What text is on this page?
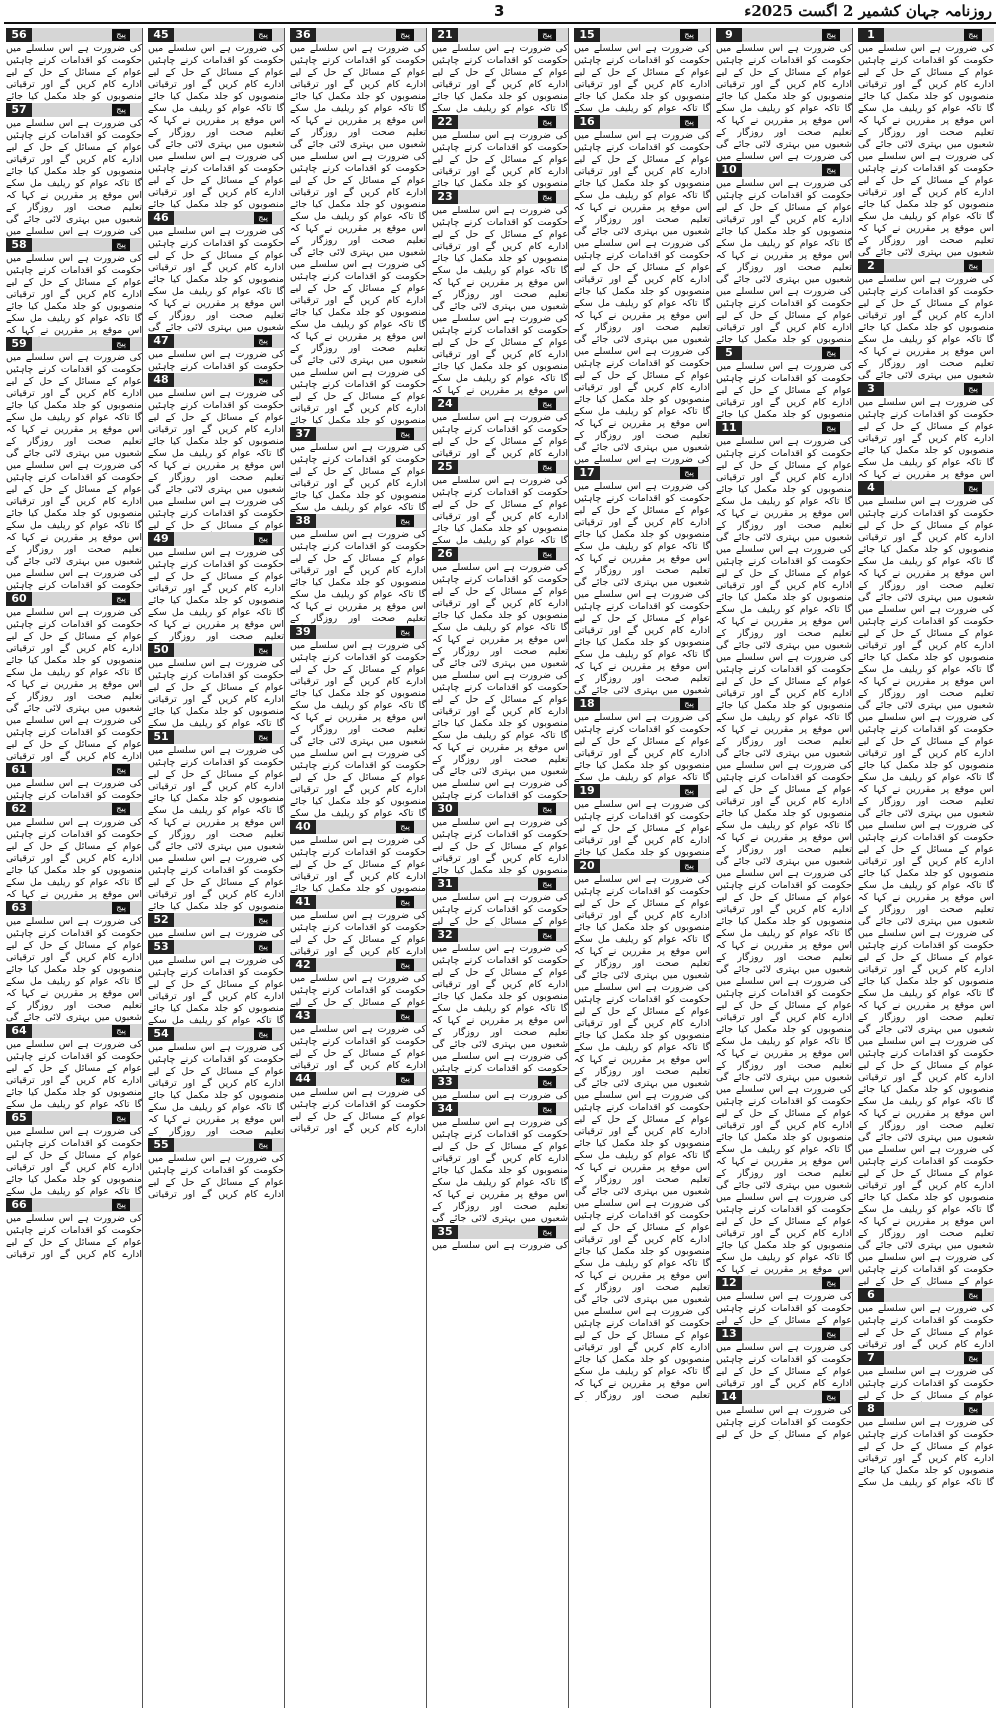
روزنامہ جہان کشمیر 2 اگست 2025ء
3
1	پیج
کی ضرورت ہے اس سلسلے میں حکومت کو اقدامات کرنے چاہئیں عوام کے مسائل کے حل کے لیے ادارے کام کریں گے اور ترقیاتی منصوبوں کو جلد مکمل کیا جائے گا تاکہ عوام کو ریلیف مل سکے اس موقع پر مقررین نے کہا کہ تعلیم صحت اور روزگار کے شعبوں میں بہتری لائی جائے گی کی ضرورت ہے اس سلسلے میں حکومت کو اقدامات کرنے چاہئیں عوام کے مسائل کے حل کے لیے ادارے کام کریں گے اور ترقیاتی منصوبوں کو جلد مکمل کیا جائے گا تاکہ عوام کو ریلیف مل سکے اس موقع پر مقررین نے کہا کہ تعلیم صحت اور روزگار کے شعبوں میں بہتری لائی جائے گی
2	پیج
کی ضرورت ہے اس سلسلے میں حکومت کو اقدامات کرنے چاہئیں عوام کے مسائل کے حل کے لیے ادارے کام کریں گے اور ترقیاتی منصوبوں کو جلد مکمل کیا جائے گا تاکہ عوام کو ریلیف مل سکے اس موقع پر مقررین نے کہا کہ تعلیم صحت اور روزگار کے شعبوں میں بہتری لائی جائے گی
3	پیج
کی ضرورت ہے اس سلسلے میں حکومت کو اقدامات کرنے چاہئیں عوام کے مسائل کے حل کے لیے ادارے کام کریں گے اور ترقیاتی منصوبوں کو جلد مکمل کیا جائے گا تاکہ عوام کو ریلیف مل سکے اس موقع پر مقررین نے کہا کہ
4	پیج
کی ضرورت ہے اس سلسلے میں حکومت کو اقدامات کرنے چاہئیں عوام کے مسائل کے حل کے لیے ادارے کام کریں گے اور ترقیاتی منصوبوں کو جلد مکمل کیا جائے گا تاکہ عوام کو ریلیف مل سکے اس موقع پر مقررین نے کہا کہ تعلیم صحت اور روزگار کے شعبوں میں بہتری لائی جائے گی کی ضرورت ہے اس سلسلے میں حکومت کو اقدامات کرنے چاہئیں عوام کے مسائل کے حل کے لیے ادارے کام کریں گے اور ترقیاتی منصوبوں کو جلد مکمل کیا جائے گا تاکہ عوام کو ریلیف مل سکے اس موقع پر مقررین نے کہا کہ تعلیم صحت اور روزگار کے شعبوں میں بہتری لائی جائے گی کی ضرورت ہے اس سلسلے میں حکومت کو اقدامات کرنے چاہئیں عوام کے مسائل کے حل کے لیے ادارے کام کریں گے اور ترقیاتی منصوبوں کو جلد مکمل کیا جائے گا تاکہ عوام کو ریلیف مل سکے اس موقع پر مقررین نے کہا کہ تعلیم صحت اور روزگار کے شعبوں میں بہتری لائی جائے گی کی ضرورت ہے اس سلسلے میں حکومت کو اقدامات کرنے چاہئیں عوام کے مسائل کے حل کے لیے ادارے کام کریں گے اور ترقیاتی منصوبوں کو جلد مکمل کیا جائے گا تاکہ عوام کو ریلیف مل سکے اس موقع پر مقررین نے کہا کہ تعلیم صحت اور روزگار کے شعبوں میں بہتری لائی جائے گی کی ضرورت ہے اس سلسلے میں حکومت کو اقدامات کرنے چاہئیں عوام کے مسائل کے حل کے لیے ادارے کام کریں گے اور ترقیاتی منصوبوں کو جلد مکمل کیا جائے گا تاکہ عوام کو ریلیف مل سکے اس موقع پر مقررین نے کہا کہ تعلیم صحت اور روزگار کے شعبوں میں بہتری لائی جائے گی کی ضرورت ہے اس سلسلے میں حکومت کو اقدامات کرنے چاہئیں عوام کے مسائل کے حل کے لیے ادارے کام کریں گے اور ترقیاتی منصوبوں کو جلد مکمل کیا جائے گا تاکہ عوام کو ریلیف مل سکے اس موقع پر مقررین نے کہا کہ تعلیم صحت اور روزگار کے شعبوں میں بہتری لائی جائے گی کی ضرورت ہے اس سلسلے میں حکومت کو اقدامات کرنے چاہئیں عوام کے مسائل کے حل کے لیے ادارے کام کریں گے اور ترقیاتی منصوبوں کو جلد مکمل کیا جائے گا تاکہ عوام کو ریلیف مل سکے اس موقع پر مقررین نے کہا کہ تعلیم صحت اور روزگار کے شعبوں میں بہتری لائی جائے گی کی ضرورت ہے اس سلسلے میں حکومت کو اقدامات کرنے چاہئیں عوام کے مسائل کے حل کے لیے
6	پیج
کی ضرورت ہے اس سلسلے میں حکومت کو اقدامات کرنے چاہئیں عوام کے مسائل کے حل کے لیے ادارے کام کریں گے اور ترقیاتی
7	پیج
کی ضرورت ہے اس سلسلے میں حکومت کو اقدامات کرنے چاہئیں عوام کے مسائل کے حل کے لیے
8	پیج
کی ضرورت ہے اس سلسلے میں حکومت کو اقدامات کرنے چاہئیں عوام کے مسائل کے حل کے لیے ادارے کام کریں گے اور ترقیاتی منصوبوں کو جلد مکمل کیا جائے گا تاکہ عوام کو ریلیف مل سکے
9	پیج
کی ضرورت ہے اس سلسلے میں حکومت کو اقدامات کرنے چاہئیں عوام کے مسائل کے حل کے لیے ادارے کام کریں گے اور ترقیاتی منصوبوں کو جلد مکمل کیا جائے گا تاکہ عوام کو ریلیف مل سکے اس موقع پر مقررین نے کہا کہ تعلیم صحت اور روزگار کے شعبوں میں بہتری لائی جائے گی کی ضرورت ہے اس سلسلے میں
10	پیج
کی ضرورت ہے اس سلسلے میں حکومت کو اقدامات کرنے چاہئیں عوام کے مسائل کے حل کے لیے ادارے کام کریں گے اور ترقیاتی منصوبوں کو جلد مکمل کیا جائے گا تاکہ عوام کو ریلیف مل سکے اس موقع پر مقررین نے کہا کہ تعلیم صحت اور روزگار کے شعبوں میں بہتری لائی جائے گی کی ضرورت ہے اس سلسلے میں حکومت کو اقدامات کرنے چاہئیں عوام کے مسائل کے حل کے لیے ادارے کام کریں گے اور ترقیاتی منصوبوں کو جلد مکمل کیا جائے
5	پیج
کی ضرورت ہے اس سلسلے میں حکومت کو اقدامات کرنے چاہئیں عوام کے مسائل کے حل کے لیے ادارے کام کریں گے اور ترقیاتی منصوبوں کو جلد مکمل کیا جائے
11	پیج
کی ضرورت ہے اس سلسلے میں حکومت کو اقدامات کرنے چاہئیں عوام کے مسائل کے حل کے لیے ادارے کام کریں گے اور ترقیاتی منصوبوں کو جلد مکمل کیا جائے گا تاکہ عوام کو ریلیف مل سکے اس موقع پر مقررین نے کہا کہ تعلیم صحت اور روزگار کے شعبوں میں بہتری لائی جائے گی کی ضرورت ہے اس سلسلے میں حکومت کو اقدامات کرنے چاہئیں عوام کے مسائل کے حل کے لیے ادارے کام کریں گے اور ترقیاتی منصوبوں کو جلد مکمل کیا جائے گا تاکہ عوام کو ریلیف مل سکے اس موقع پر مقررین نے کہا کہ تعلیم صحت اور روزگار کے شعبوں میں بہتری لائی جائے گی کی ضرورت ہے اس سلسلے میں حکومت کو اقدامات کرنے چاہئیں عوام کے مسائل کے حل کے لیے ادارے کام کریں گے اور ترقیاتی منصوبوں کو جلد مکمل کیا جائے گا تاکہ عوام کو ریلیف مل سکے اس موقع پر مقررین نے کہا کہ تعلیم صحت اور روزگار کے شعبوں میں بہتری لائی جائے گی کی ضرورت ہے اس سلسلے میں حکومت کو اقدامات کرنے چاہئیں عوام کے مسائل کے حل کے لیے ادارے کام کریں گے اور ترقیاتی منصوبوں کو جلد مکمل کیا جائے گا تاکہ عوام کو ریلیف مل سکے اس موقع پر مقررین نے کہا کہ تعلیم صحت اور روزگار کے شعبوں میں بہتری لائی جائے گی کی ضرورت ہے اس سلسلے میں حکومت کو اقدامات کرنے چاہئیں عوام کے مسائل کے حل کے لیے ادارے کام کریں گے اور ترقیاتی منصوبوں کو جلد مکمل کیا جائے گا تاکہ عوام کو ریلیف مل سکے اس موقع پر مقررین نے کہا کہ تعلیم صحت اور روزگار کے شعبوں میں بہتری لائی جائے گی کی ضرورت ہے اس سلسلے میں حکومت کو اقدامات کرنے چاہئیں عوام کے مسائل کے حل کے لیے ادارے کام کریں گے اور ترقیاتی منصوبوں کو جلد مکمل کیا جائے گا تاکہ عوام کو ریلیف مل سکے اس موقع پر مقررین نے کہا کہ تعلیم صحت اور روزگار کے شعبوں میں بہتری لائی جائے گی کی ضرورت ہے اس سلسلے میں حکومت کو اقدامات کرنے چاہئیں عوام کے مسائل کے حل کے لیے ادارے کام کریں گے اور ترقیاتی منصوبوں کو جلد مکمل کیا جائے گا تاکہ عوام کو ریلیف مل سکے اس موقع پر مقررین نے کہا کہ تعلیم صحت اور روزگار کے شعبوں میں بہتری لائی جائے گی کی ضرورت ہے اس سلسلے میں حکومت کو اقدامات کرنے چاہئیں عوام کے مسائل کے حل کے لیے ادارے کام کریں گے اور ترقیاتی منصوبوں کو جلد مکمل کیا جائے گا تاکہ عوام کو ریلیف مل سکے اس موقع پر مقررین نے کہا کہ
12	پیج
کی ضرورت ہے اس سلسلے میں حکومت کو اقدامات کرنے چاہئیں عوام کے مسائل کے حل کے لیے
13	پیج
کی ضرورت ہے اس سلسلے میں حکومت کو اقدامات کرنے چاہئیں عوام کے مسائل کے حل کے لیے ادارے کام کریں گے اور ترقیاتی
14	پیج
کی ضرورت ہے اس سلسلے میں حکومت کو اقدامات کرنے چاہئیں عوام کے مسائل کے حل کے لیے
15	پیج
کی ضرورت ہے اس سلسلے میں حکومت کو اقدامات کرنے چاہئیں عوام کے مسائل کے حل کے لیے ادارے کام کریں گے اور ترقیاتی منصوبوں کو جلد مکمل کیا جائے گا تاکہ عوام کو ریلیف مل سکے
16	پیج
کی ضرورت ہے اس سلسلے میں حکومت کو اقدامات کرنے چاہئیں عوام کے مسائل کے حل کے لیے ادارے کام کریں گے اور ترقیاتی منصوبوں کو جلد مکمل کیا جائے گا تاکہ عوام کو ریلیف مل سکے اس موقع پر مقررین نے کہا کہ تعلیم صحت اور روزگار کے شعبوں میں بہتری لائی جائے گی کی ضرورت ہے اس سلسلے میں حکومت کو اقدامات کرنے چاہئیں عوام کے مسائل کے حل کے لیے ادارے کام کریں گے اور ترقیاتی منصوبوں کو جلد مکمل کیا جائے گا تاکہ عوام کو ریلیف مل سکے اس موقع پر مقررین نے کہا کہ تعلیم صحت اور روزگار کے شعبوں میں بہتری لائی جائے گی کی ضرورت ہے اس سلسلے میں حکومت کو اقدامات کرنے چاہئیں عوام کے مسائل کے حل کے لیے ادارے کام کریں گے اور ترقیاتی منصوبوں کو جلد مکمل کیا جائے گا تاکہ عوام کو ریلیف مل سکے اس موقع پر مقررین نے کہا کہ تعلیم صحت اور روزگار کے شعبوں میں بہتری لائی جائے گی کی ضرورت ہے اس سلسلے میں
17	پیج
کی ضرورت ہے اس سلسلے میں حکومت کو اقدامات کرنے چاہئیں عوام کے مسائل کے حل کے لیے ادارے کام کریں گے اور ترقیاتی منصوبوں کو جلد مکمل کیا جائے گا تاکہ عوام کو ریلیف مل سکے اس موقع پر مقررین نے کہا کہ تعلیم صحت اور روزگار کے شعبوں میں بہتری لائی جائے گی کی ضرورت ہے اس سلسلے میں حکومت کو اقدامات کرنے چاہئیں عوام کے مسائل کے حل کے لیے ادارے کام کریں گے اور ترقیاتی منصوبوں کو جلد مکمل کیا جائے گا تاکہ عوام کو ریلیف مل سکے اس موقع پر مقررین نے کہا کہ تعلیم صحت اور روزگار کے شعبوں میں بہتری لائی جائے گی
18	پیج
کی ضرورت ہے اس سلسلے میں حکومت کو اقدامات کرنے چاہئیں عوام کے مسائل کے حل کے لیے ادارے کام کریں گے اور ترقیاتی منصوبوں کو جلد مکمل کیا جائے گا تاکہ عوام کو ریلیف مل سکے
19	پیج
کی ضرورت ہے اس سلسلے میں حکومت کو اقدامات کرنے چاہئیں عوام کے مسائل کے حل کے لیے ادارے کام کریں گے اور ترقیاتی منصوبوں کو جلد مکمل کیا جائے
20	پیج
کی ضرورت ہے اس سلسلے میں حکومت کو اقدامات کرنے چاہئیں عوام کے مسائل کے حل کے لیے ادارے کام کریں گے اور ترقیاتی منصوبوں کو جلد مکمل کیا جائے گا تاکہ عوام کو ریلیف مل سکے اس موقع پر مقررین نے کہا کہ تعلیم صحت اور روزگار کے شعبوں میں بہتری لائی جائے گی کی ضرورت ہے اس سلسلے میں حکومت کو اقدامات کرنے چاہئیں عوام کے مسائل کے حل کے لیے ادارے کام کریں گے اور ترقیاتی منصوبوں کو جلد مکمل کیا جائے گا تاکہ عوام کو ریلیف مل سکے اس موقع پر مقررین نے کہا کہ تعلیم صحت اور روزگار کے شعبوں میں بہتری لائی جائے گی کی ضرورت ہے اس سلسلے میں حکومت کو اقدامات کرنے چاہئیں عوام کے مسائل کے حل کے لیے ادارے کام کریں گے اور ترقیاتی منصوبوں کو جلد مکمل کیا جائے گا تاکہ عوام کو ریلیف مل سکے اس موقع پر مقررین نے کہا کہ تعلیم صحت اور روزگار کے شعبوں میں بہتری لائی جائے گی کی ضرورت ہے اس سلسلے میں حکومت کو اقدامات کرنے چاہئیں عوام کے مسائل کے حل کے لیے ادارے کام کریں گے اور ترقیاتی منصوبوں کو جلد مکمل کیا جائے گا تاکہ عوام کو ریلیف مل سکے اس موقع پر مقررین نے کہا کہ تعلیم صحت اور روزگار کے شعبوں میں بہتری لائی جائے گی کی ضرورت ہے اس سلسلے میں حکومت کو اقدامات کرنے چاہئیں عوام کے مسائل کے حل کے لیے ادارے کام کریں گے اور ترقیاتی منصوبوں کو جلد مکمل کیا جائے گا تاکہ عوام کو ریلیف مل سکے اس موقع پر مقررین نے کہا کہ تعلیم صحت اور روزگار کے
21	پیج
کی ضرورت ہے اس سلسلے میں حکومت کو اقدامات کرنے چاہئیں عوام کے مسائل کے حل کے لیے ادارے کام کریں گے اور ترقیاتی منصوبوں کو جلد مکمل کیا جائے گا تاکہ عوام کو ریلیف مل سکے
22	پیج
کی ضرورت ہے اس سلسلے میں حکومت کو اقدامات کرنے چاہئیں عوام کے مسائل کے حل کے لیے ادارے کام کریں گے اور ترقیاتی منصوبوں کو جلد مکمل کیا جائے
23	پیج
کی ضرورت ہے اس سلسلے میں حکومت کو اقدامات کرنے چاہئیں عوام کے مسائل کے حل کے لیے ادارے کام کریں گے اور ترقیاتی منصوبوں کو جلد مکمل کیا جائے گا تاکہ عوام کو ریلیف مل سکے اس موقع پر مقررین نے کہا کہ تعلیم صحت اور روزگار کے شعبوں میں بہتری لائی جائے گی کی ضرورت ہے اس سلسلے میں حکومت کو اقدامات کرنے چاہئیں عوام کے مسائل کے حل کے لیے ادارے کام کریں گے اور ترقیاتی منصوبوں کو جلد مکمل کیا جائے گا تاکہ عوام کو ریلیف مل سکے اس موقع پر مقررین نے کہا کہ
24	پیج
کی ضرورت ہے اس سلسلے میں حکومت کو اقدامات کرنے چاہئیں عوام کے مسائل کے حل کے لیے ادارے کام کریں گے اور ترقیاتی
25	پیج
کی ضرورت ہے اس سلسلے میں حکومت کو اقدامات کرنے چاہئیں عوام کے مسائل کے حل کے لیے ادارے کام کریں گے اور ترقیاتی منصوبوں کو جلد مکمل کیا جائے گا تاکہ عوام کو ریلیف مل سکے
26	پیج
کی ضرورت ہے اس سلسلے میں حکومت کو اقدامات کرنے چاہئیں عوام کے مسائل کے حل کے لیے ادارے کام کریں گے اور ترقیاتی منصوبوں کو جلد مکمل کیا جائے گا تاکہ عوام کو ریلیف مل سکے اس موقع پر مقررین نے کہا کہ تعلیم صحت اور روزگار کے شعبوں میں بہتری لائی جائے گی کی ضرورت ہے اس سلسلے میں حکومت کو اقدامات کرنے چاہئیں عوام کے مسائل کے حل کے لیے ادارے کام کریں گے اور ترقیاتی منصوبوں کو جلد مکمل کیا جائے گا تاکہ عوام کو ریلیف مل سکے اس موقع پر مقررین نے کہا کہ تعلیم صحت اور روزگار کے شعبوں میں بہتری لائی جائے گی کی ضرورت ہے اس سلسلے میں حکومت کو اقدامات کرنے چاہئیں
30	پیج
کی ضرورت ہے اس سلسلے میں حکومت کو اقدامات کرنے چاہئیں عوام کے مسائل کے حل کے لیے ادارے کام کریں گے اور ترقیاتی منصوبوں کو جلد مکمل کیا جائے
31	پیج
کی ضرورت ہے اس سلسلے میں حکومت کو اقدامات کرنے چاہئیں عوام کے مسائل کے حل کے لیے
32	پیج
کی ضرورت ہے اس سلسلے میں حکومت کو اقدامات کرنے چاہئیں عوام کے مسائل کے حل کے لیے ادارے کام کریں گے اور ترقیاتی منصوبوں کو جلد مکمل کیا جائے گا تاکہ عوام کو ریلیف مل سکے اس موقع پر مقررین نے کہا کہ تعلیم صحت اور روزگار کے شعبوں میں بہتری لائی جائے گی کی ضرورت ہے اس سلسلے میں حکومت کو اقدامات کرنے چاہئیں
33	پیج
کی ضرورت ہے اس سلسلے میں
34	پیج
کی ضرورت ہے اس سلسلے میں حکومت کو اقدامات کرنے چاہئیں عوام کے مسائل کے حل کے لیے ادارے کام کریں گے اور ترقیاتی منصوبوں کو جلد مکمل کیا جائے گا تاکہ عوام کو ریلیف مل سکے اس موقع پر مقررین نے کہا کہ تعلیم صحت اور روزگار کے شعبوں میں بہتری لائی جائے گی
35	پیج
کی ضرورت ہے اس سلسلے میں
36	پیج
کی ضرورت ہے اس سلسلے میں حکومت کو اقدامات کرنے چاہئیں عوام کے مسائل کے حل کے لیے ادارے کام کریں گے اور ترقیاتی منصوبوں کو جلد مکمل کیا جائے گا تاکہ عوام کو ریلیف مل سکے اس موقع پر مقررین نے کہا کہ تعلیم صحت اور روزگار کے شعبوں میں بہتری لائی جائے گی کی ضرورت ہے اس سلسلے میں حکومت کو اقدامات کرنے چاہئیں عوام کے مسائل کے حل کے لیے ادارے کام کریں گے اور ترقیاتی منصوبوں کو جلد مکمل کیا جائے گا تاکہ عوام کو ریلیف مل سکے اس موقع پر مقررین نے کہا کہ تعلیم صحت اور روزگار کے شعبوں میں بہتری لائی جائے گی کی ضرورت ہے اس سلسلے میں حکومت کو اقدامات کرنے چاہئیں عوام کے مسائل کے حل کے لیے ادارے کام کریں گے اور ترقیاتی منصوبوں کو جلد مکمل کیا جائے گا تاکہ عوام کو ریلیف مل سکے اس موقع پر مقررین نے کہا کہ تعلیم صحت اور روزگار کے شعبوں میں بہتری لائی جائے گی کی ضرورت ہے اس سلسلے میں حکومت کو اقدامات کرنے چاہئیں عوام کے مسائل کے حل کے لیے ادارے کام کریں گے اور ترقیاتی منصوبوں کو جلد مکمل کیا جائے
37	پیج
کی ضرورت ہے اس سلسلے میں حکومت کو اقدامات کرنے چاہئیں عوام کے مسائل کے حل کے لیے ادارے کام کریں گے اور ترقیاتی منصوبوں کو جلد مکمل کیا جائے گا تاکہ عوام کو ریلیف مل سکے
38	پیج
کی ضرورت ہے اس سلسلے میں حکومت کو اقدامات کرنے چاہئیں عوام کے مسائل کے حل کے لیے ادارے کام کریں گے اور ترقیاتی منصوبوں کو جلد مکمل کیا جائے گا تاکہ عوام کو ریلیف مل سکے اس موقع پر مقررین نے کہا کہ تعلیم صحت اور روزگار کے
39	پیج
کی ضرورت ہے اس سلسلے میں حکومت کو اقدامات کرنے چاہئیں عوام کے مسائل کے حل کے لیے ادارے کام کریں گے اور ترقیاتی منصوبوں کو جلد مکمل کیا جائے گا تاکہ عوام کو ریلیف مل سکے اس موقع پر مقررین نے کہا کہ تعلیم صحت اور روزگار کے شعبوں میں بہتری لائی جائے گی کی ضرورت ہے اس سلسلے میں حکومت کو اقدامات کرنے چاہئیں عوام کے مسائل کے حل کے لیے ادارے کام کریں گے اور ترقیاتی منصوبوں کو جلد مکمل کیا جائے گا تاکہ عوام کو ریلیف مل سکے
40	پیج
کی ضرورت ہے اس سلسلے میں حکومت کو اقدامات کرنے چاہئیں عوام کے مسائل کے حل کے لیے ادارے کام کریں گے اور ترقیاتی منصوبوں کو جلد مکمل کیا جائے
41	پیج
کی ضرورت ہے اس سلسلے میں حکومت کو اقدامات کرنے چاہئیں عوام کے مسائل کے حل کے لیے ادارے کام کریں گے اور ترقیاتی
42	پیج
کی ضرورت ہے اس سلسلے میں حکومت کو اقدامات کرنے چاہئیں عوام کے مسائل کے حل کے لیے
43	پیج
کی ضرورت ہے اس سلسلے میں حکومت کو اقدامات کرنے چاہئیں عوام کے مسائل کے حل کے لیے ادارے کام کریں گے اور ترقیاتی
44	پیج
کی ضرورت ہے اس سلسلے میں حکومت کو اقدامات کرنے چاہئیں عوام کے مسائل کے حل کے لیے ادارے کام کریں گے اور ترقیاتی
45	پیج
کی ضرورت ہے اس سلسلے میں حکومت کو اقدامات کرنے چاہئیں عوام کے مسائل کے حل کے لیے ادارے کام کریں گے اور ترقیاتی منصوبوں کو جلد مکمل کیا جائے گا تاکہ عوام کو ریلیف مل سکے اس موقع پر مقررین نے کہا کہ تعلیم صحت اور روزگار کے شعبوں میں بہتری لائی جائے گی کی ضرورت ہے اس سلسلے میں حکومت کو اقدامات کرنے چاہئیں عوام کے مسائل کے حل کے لیے ادارے کام کریں گے اور ترقیاتی منصوبوں کو جلد مکمل کیا جائے
46	پیج
کی ضرورت ہے اس سلسلے میں حکومت کو اقدامات کرنے چاہئیں عوام کے مسائل کے حل کے لیے ادارے کام کریں گے اور ترقیاتی منصوبوں کو جلد مکمل کیا جائے گا تاکہ عوام کو ریلیف مل سکے اس موقع پر مقررین نے کہا کہ تعلیم صحت اور روزگار کے شعبوں میں بہتری لائی جائے گی
47	پیج
کی ضرورت ہے اس سلسلے میں حکومت کو اقدامات کرنے چاہئیں
48	پیج
کی ضرورت ہے اس سلسلے میں حکومت کو اقدامات کرنے چاہئیں عوام کے مسائل کے حل کے لیے ادارے کام کریں گے اور ترقیاتی منصوبوں کو جلد مکمل کیا جائے گا تاکہ عوام کو ریلیف مل سکے اس موقع پر مقررین نے کہا کہ تعلیم صحت اور روزگار کے شعبوں میں بہتری لائی جائے گی کی ضرورت ہے اس سلسلے میں حکومت کو اقدامات کرنے چاہئیں عوام کے مسائل کے حل کے لیے
49	پیج
کی ضرورت ہے اس سلسلے میں حکومت کو اقدامات کرنے چاہئیں عوام کے مسائل کے حل کے لیے ادارے کام کریں گے اور ترقیاتی منصوبوں کو جلد مکمل کیا جائے گا تاکہ عوام کو ریلیف مل سکے اس موقع پر مقررین نے کہا کہ تعلیم صحت اور روزگار کے
50	پیج
کی ضرورت ہے اس سلسلے میں حکومت کو اقدامات کرنے چاہئیں عوام کے مسائل کے حل کے لیے ادارے کام کریں گے اور ترقیاتی منصوبوں کو جلد مکمل کیا جائے گا تاکہ عوام کو ریلیف مل سکے
51	پیج
کی ضرورت ہے اس سلسلے میں حکومت کو اقدامات کرنے چاہئیں عوام کے مسائل کے حل کے لیے ادارے کام کریں گے اور ترقیاتی منصوبوں کو جلد مکمل کیا جائے گا تاکہ عوام کو ریلیف مل سکے اس موقع پر مقررین نے کہا کہ تعلیم صحت اور روزگار کے شعبوں میں بہتری لائی جائے گی کی ضرورت ہے اس سلسلے میں حکومت کو اقدامات کرنے چاہئیں عوام کے مسائل کے حل کے لیے ادارے کام کریں گے اور ترقیاتی منصوبوں کو جلد مکمل کیا جائے
52	پیج
کی ضرورت ہے اس سلسلے میں
53	پیج
کی ضرورت ہے اس سلسلے میں حکومت کو اقدامات کرنے چاہئیں عوام کے مسائل کے حل کے لیے ادارے کام کریں گے اور ترقیاتی منصوبوں کو جلد مکمل کیا جائے گا تاکہ عوام کو ریلیف مل سکے
54	پیج
کی ضرورت ہے اس سلسلے میں حکومت کو اقدامات کرنے چاہئیں عوام کے مسائل کے حل کے لیے ادارے کام کریں گے اور ترقیاتی منصوبوں کو جلد مکمل کیا جائے گا تاکہ عوام کو ریلیف مل سکے اس موقع پر مقررین نے کہا کہ تعلیم صحت اور روزگار کے
55	پیج
کی ضرورت ہے اس سلسلے میں حکومت کو اقدامات کرنے چاہئیں عوام کے مسائل کے حل کے لیے ادارے کام کریں گے اور ترقیاتی
56	پیج
کی ضرورت ہے اس سلسلے میں حکومت کو اقدامات کرنے چاہئیں عوام کے مسائل کے حل کے لیے ادارے کام کریں گے اور ترقیاتی منصوبوں کو جلد مکمل کیا جائے
57	پیج
کی ضرورت ہے اس سلسلے میں حکومت کو اقدامات کرنے چاہئیں عوام کے مسائل کے حل کے لیے ادارے کام کریں گے اور ترقیاتی منصوبوں کو جلد مکمل کیا جائے گا تاکہ عوام کو ریلیف مل سکے اس موقع پر مقررین نے کہا کہ تعلیم صحت اور روزگار کے شعبوں میں بہتری لائی جائے گی کی ضرورت ہے اس سلسلے میں
58	پیج
کی ضرورت ہے اس سلسلے میں حکومت کو اقدامات کرنے چاہئیں عوام کے مسائل کے حل کے لیے ادارے کام کریں گے اور ترقیاتی منصوبوں کو جلد مکمل کیا جائے گا تاکہ عوام کو ریلیف مل سکے اس موقع پر مقررین نے کہا کہ
59	پیج
کی ضرورت ہے اس سلسلے میں حکومت کو اقدامات کرنے چاہئیں عوام کے مسائل کے حل کے لیے ادارے کام کریں گے اور ترقیاتی منصوبوں کو جلد مکمل کیا جائے گا تاکہ عوام کو ریلیف مل سکے اس موقع پر مقررین نے کہا کہ تعلیم صحت اور روزگار کے شعبوں میں بہتری لائی جائے گی کی ضرورت ہے اس سلسلے میں حکومت کو اقدامات کرنے چاہئیں عوام کے مسائل کے حل کے لیے ادارے کام کریں گے اور ترقیاتی منصوبوں کو جلد مکمل کیا جائے گا تاکہ عوام کو ریلیف مل سکے اس موقع پر مقررین نے کہا کہ تعلیم صحت اور روزگار کے شعبوں میں بہتری لائی جائے گی کی ضرورت ہے اس سلسلے میں حکومت کو اقدامات کرنے چاہئیں
60	پیج
کی ضرورت ہے اس سلسلے میں حکومت کو اقدامات کرنے چاہئیں عوام کے مسائل کے حل کے لیے ادارے کام کریں گے اور ترقیاتی منصوبوں کو جلد مکمل کیا جائے گا تاکہ عوام کو ریلیف مل سکے اس موقع پر مقررین نے کہا کہ تعلیم صحت اور روزگار کے شعبوں میں بہتری لائی جائے گی کی ضرورت ہے اس سلسلے میں حکومت کو اقدامات کرنے چاہئیں عوام کے مسائل کے حل کے لیے ادارے کام کریں گے اور ترقیاتی
61	پیج
کی ضرورت ہے اس سلسلے میں حکومت کو اقدامات کرنے چاہئیں
62	پیج
کی ضرورت ہے اس سلسلے میں حکومت کو اقدامات کرنے چاہئیں عوام کے مسائل کے حل کے لیے ادارے کام کریں گے اور ترقیاتی منصوبوں کو جلد مکمل کیا جائے گا تاکہ عوام کو ریلیف مل سکے اس موقع پر مقررین نے کہا کہ
63	پیج
کی ضرورت ہے اس سلسلے میں حکومت کو اقدامات کرنے چاہئیں عوام کے مسائل کے حل کے لیے ادارے کام کریں گے اور ترقیاتی منصوبوں کو جلد مکمل کیا جائے گا تاکہ عوام کو ریلیف مل سکے اس موقع پر مقررین نے کہا کہ تعلیم صحت اور روزگار کے شعبوں میں بہتری لائی جائے گی
64	پیج
کی ضرورت ہے اس سلسلے میں حکومت کو اقدامات کرنے چاہئیں عوام کے مسائل کے حل کے لیے ادارے کام کریں گے اور ترقیاتی منصوبوں کو جلد مکمل کیا جائے گا تاکہ عوام کو ریلیف مل سکے
65	پیج
کی ضرورت ہے اس سلسلے میں حکومت کو اقدامات کرنے چاہئیں عوام کے مسائل کے حل کے لیے ادارے کام کریں گے اور ترقیاتی منصوبوں کو جلد مکمل کیا جائے گا تاکہ عوام کو ریلیف مل سکے
66	پیج
کی ضرورت ہے اس سلسلے میں حکومت کو اقدامات کرنے چاہئیں عوام کے مسائل کے حل کے لیے ادارے کام کریں گے اور ترقیاتی
